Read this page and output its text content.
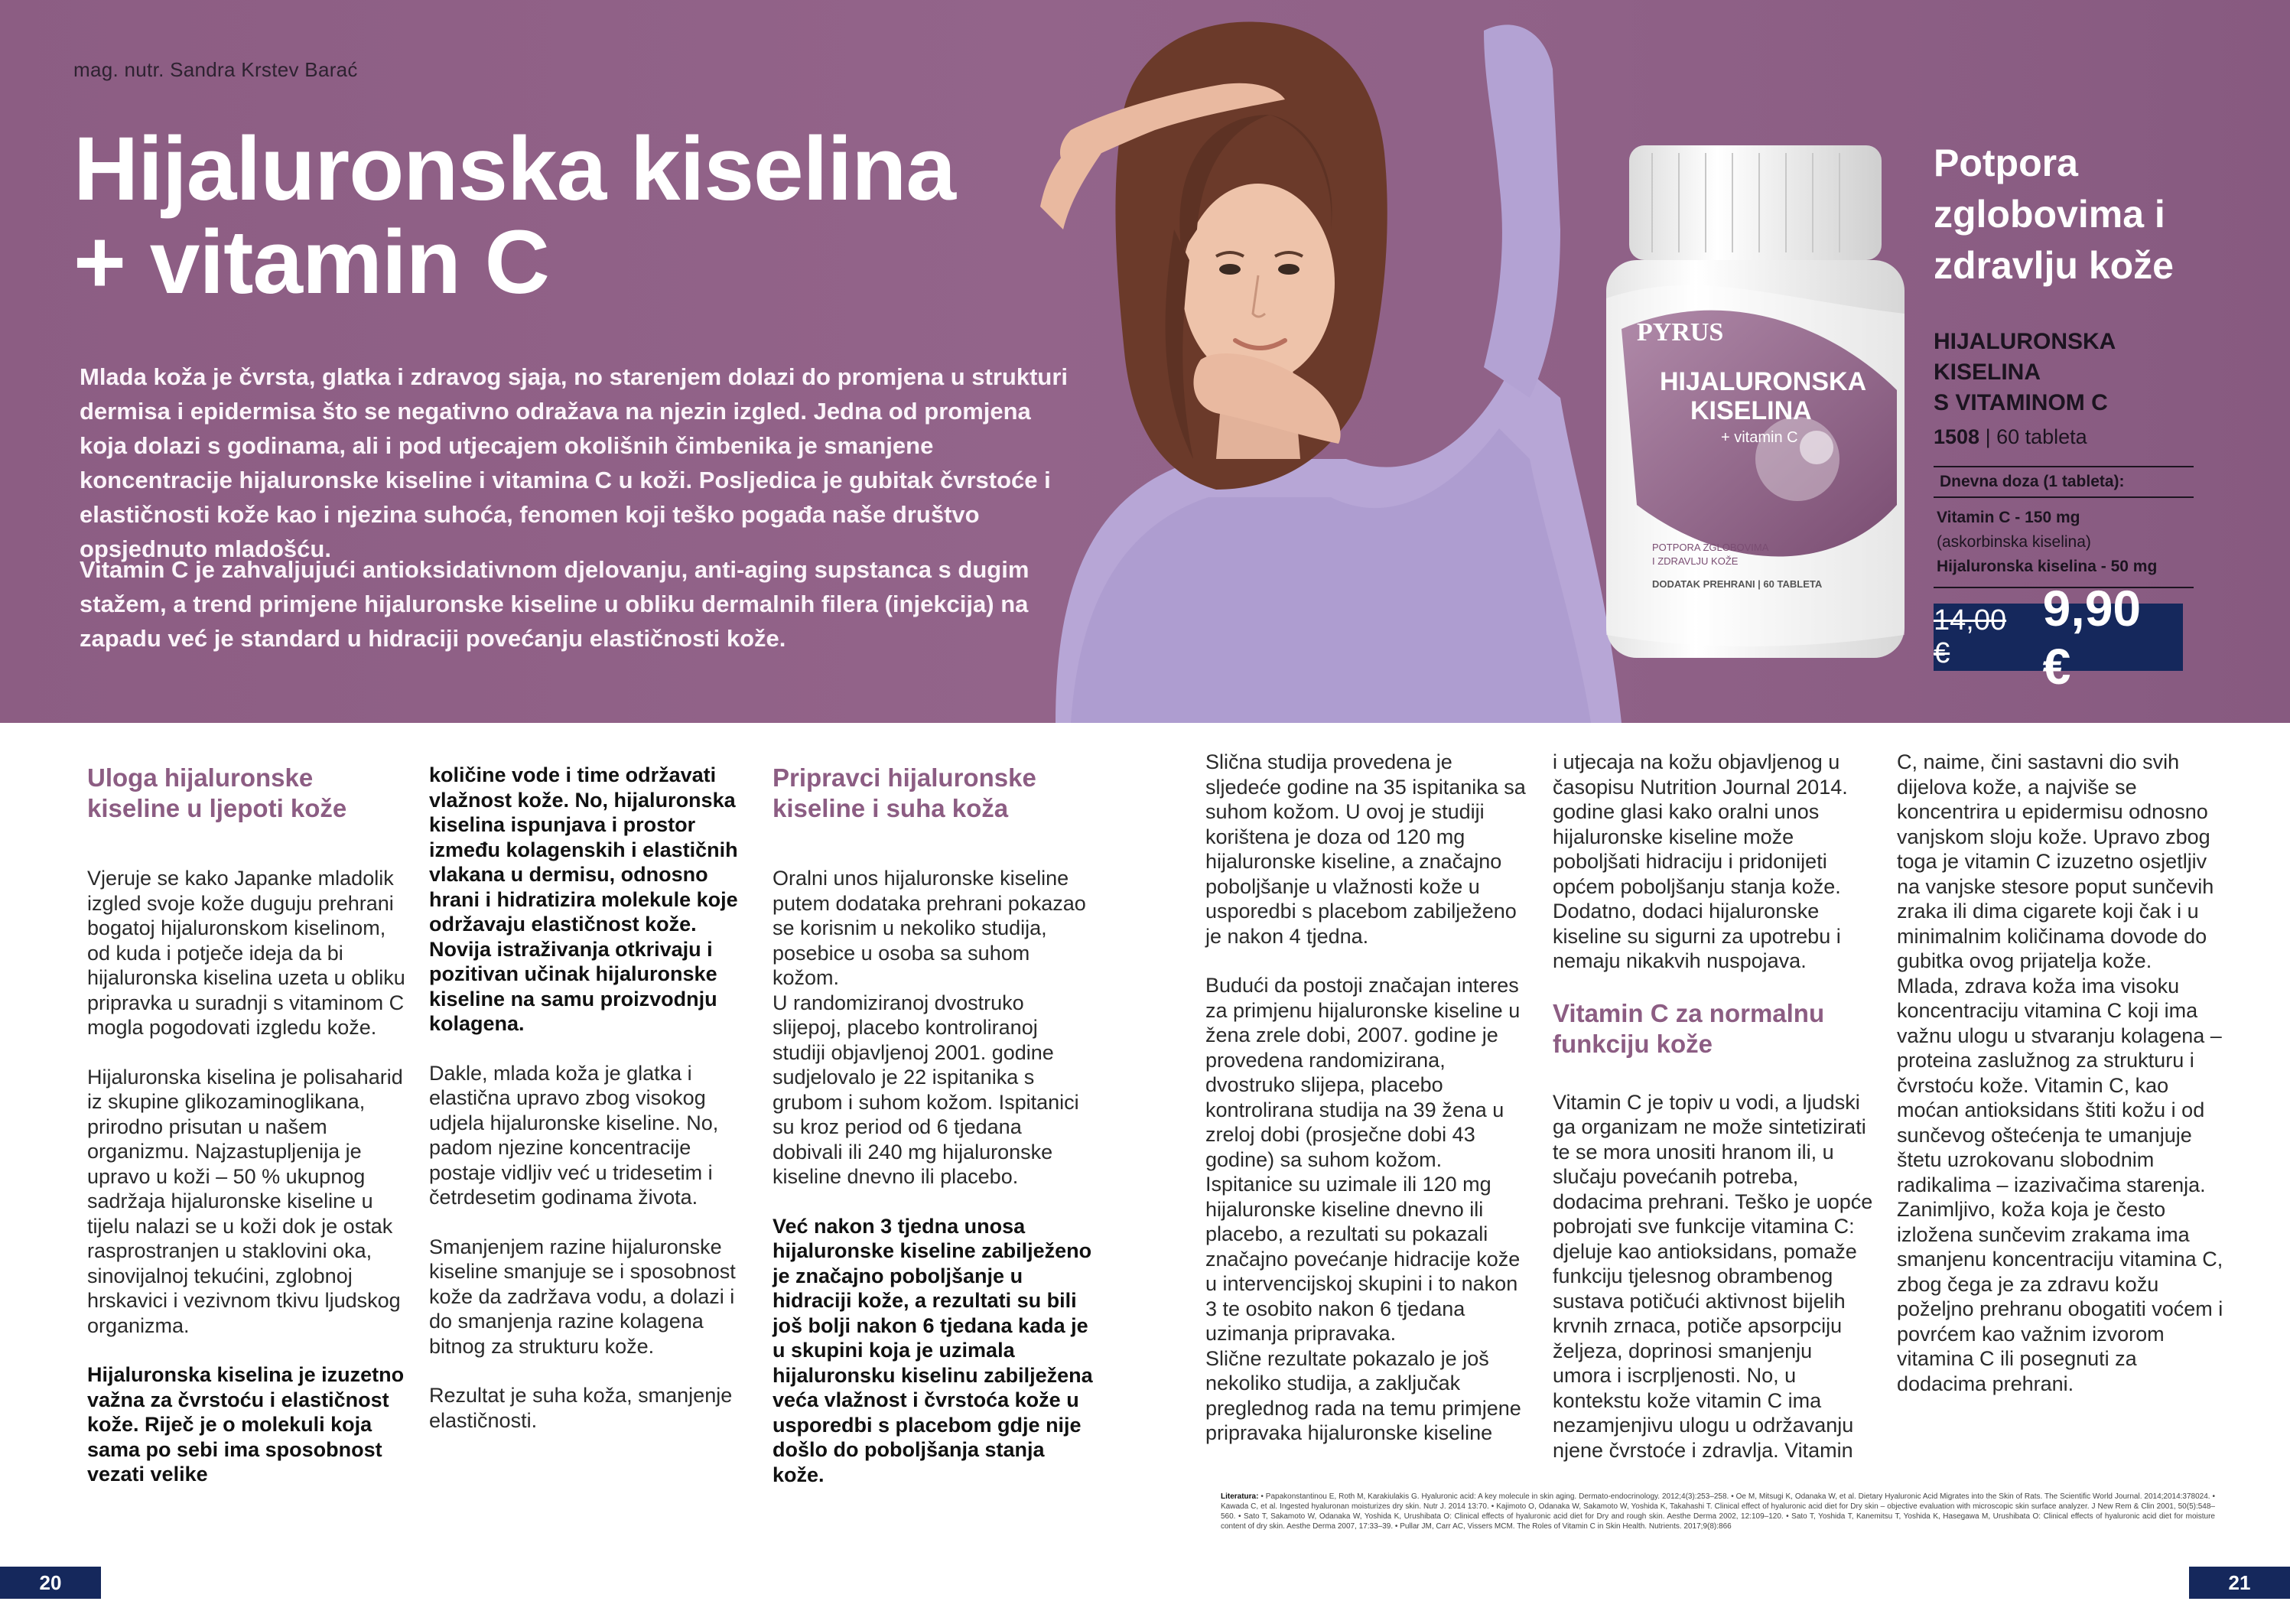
mag. nutr. Sandra Krstev Barać
Hijaluronska kiselina
+ vitamin C

Mlada koža je čvrsta, glatka i zdravog sjaja, no starenjem dolazi do promjena u strukturi dermisa i epidermisa što se negativno odražava na njezin izgled. Jedna od promjena koja dolazi s godinama, ali i pod utjecajem okolišnih čimbenika je smanjene koncentracije hijaluronske kiseline i vitamina C u koži. Posljedica je gubitak čvrstoće i elastičnosti kože kao i njezina suhoća, fenomen koji teško pogađa naše društvo opsjednuto mladošću.

Vitamin C je zahvaljujući antioksidativnom djelovanju, anti-aging supstanca s dugim stažem, a trend primjene hijaluronske kiseline u obliku dermalnih filera (injekcija) na zapadu već je standard u hidraciji povećanju elastičnosti kože.

PYRUS
HIJALURONSKA
KISELINA
+ vitamin C
POTPORA ZGLOBOVIMA
I ZDRAVLJU KOŽE
DODATAK PREHRANI | 60 TABLETA
Potpora
zglobovima i
zdravlju kože
HIJALURONSKA
KISELINA
S VITAMINOM C
1508 | 60 tableta
Dnevna doza (1 tableta):
Vitamin C - 150 mg
(askorbinska kiselina)
Hijaluronska kiselina - 50 mg
14,00 €
9,90 €
Uloga hijaluronske kiseline u ljepoti kože

Vjeruje se kako Japanke mladolik izgled svoje kože duguju prehrani bogatoj hijaluronskom kiselinom, od kuda i potječe ideja da bi hijaluronska kiselina uzeta u obliku pripravka u suradnji s vitaminom C mogla pogodovati izgledu kože.

Hijaluronska kiselina je polisaharid iz skupine glikozaminoglikana, prirodno prisutan u našem organizmu. Najzastupljenija je upravo u koži – 50 % ukupnog sadržaja hijaluronske kiseline u tijelu nalazi se u koži dok je ostak rasprostranjen u staklovini oka, sinovijalnoj tekućini, zglobnoj hrskavici i vezivnom tkivu ljudskog organizma.

Hijaluronska kiselina je izuzetno važna za čvrstoću i elastičnost kože. Riječ je o molekuli koja sama po sebi ima sposobnost vezati velike

količine vode i time održavati vlažnost kože. No, hijaluronska kiselina ispunjava i prostor između kolagenskih i elastičnih vlakana u dermisu, odnosno hrani i hidratizira molekule koje održavaju elastičnost kože. Novija istraživanja otkrivaju i pozitivan učinak hijaluronske kiseline na samu proizvodnju kolagena.

Dakle, mlada koža je glatka i elastična upravo zbog visokog udjela hijaluronske kiseline. No, padom njezine koncentracije postaje vidljiv već u tridesetim i četrdesetim godinama života.

Smanjenjem razine hijaluronske kiseline smanjuje se i sposobnost kože da zadržava vodu, a dolazi i do smanjenja razine kolagena bitnog za strukturu kože.

Rezultat je suha koža, smanjenje elastičnosti.

Pripravci hijaluronske kiseline i suha koža

Oralni unos hijaluronske kiseline putem dodataka prehrani pokazao se korisnim u nekoliko studija, posebice u osoba sa suhom kožom.

U randomiziranoj dvostruko slijepoj, placebo kontroliranoj studiji objavljenoj 2001. godine sudjelovalo je 22 ispitanika s grubom i suhom kožom. Ispitanici su kroz period od 6 tjedana dobivali ili 240 mg hijaluronske kiseline dnevno ili placebo.

Već nakon 3 tjedna unosa hijaluronske kiseline zabilježeno je značajno poboljšanje u hidraciji kože, a rezultati su bili još bolji nakon 6 tjedana kada je u skupini koja je uzimala hijaluronsku kiselinu zabilježena veća vlažnost i čvrstoća kože u usporedbi s placebom gdje nije došlo do poboljšanja stanja kože.

Slična studija provedena je sljedeće godine na 35 ispitanika sa suhom kožom. U ovoj je studiji korištena je doza od 120 mg hijaluronske kiseline, a značajno poboljšanje u vlažnosti kože u usporedbi s placebom zabilježeno je nakon 4 tjedna.

Budući da postoji značajan interes za primjenu hijaluronske kiseline u žena zrele dobi, 2007. godine je provedena randomizirana, dvostruko slijepa, placebo kontrolirana studija na 39 žena u zreloj dobi (prosječne dobi 43 godine) sa suhom kožom. Ispitanice su uzimale ili 120 mg hijaluronske kiseline dnevno ili placebo, a rezultati su pokazali značajno povećanje hidracije kože u intervencijskoj skupini i to nakon 3 te osobito nakon 6 tjedana uzimanja pripravaka.

Slične rezultate pokazalo je još nekoliko studija, a zaključak preglednog rada na temu primjene pripravaka hijaluronske kiseline

i utjecaja na kožu objavljenog u časopisu Nutrition Journal 2014. godine glasi kako oralni unos hijaluronske kiseline može poboljšati hidraciju i pridonijeti općem poboljšanju stanja kože. Dodatno, dodaci hijaluronske kiseline su sigurni za upotrebu i nemaju nikakvih nuspojava.

Vitamin C za normalnu funkciju kože

Vitamin C je topiv u vodi, a ljudski ga organizam ne može sintetizirati te se mora unositi hranom ili, u slučaju povećanih potreba, dodacima prehrani. Teško je uopće pobrojati sve funkcije vitamina C: djeluje kao antioksidans, pomaže funkciju tjelesnog obrambenog sustava potičući aktivnost bijelih krvnih zrnaca, potiče apsorpciju željeza, doprinosi smanjenju umora i iscrpljenosti. No, u kontekstu kože vitamin C ima nezamjenjivu ulogu u održavanju njene čvrstoće i zdravlja. Vitamin

C, naime, čini sastavni dio svih dijelova kože, a najviše se koncentrira u epidermisu odnosno vanjskom sloju kože. Upravo zbog toga je vitamin C izuzetno osjetljiv na vanjske stesore poput sunčevih zraka ili dima cigarete koji čak i u minimalnim količinama dovode do gubitka ovog prijatelja kože.

Mlada, zdrava koža ima visoku koncentraciju vitamina C koji ima važnu ulogu u stvaranju kolagena – proteina zaslužnog za strukturu i čvrstoću kože. Vitamin C, kao moćan antioksidans štiti kožu i od sunčevog oštećenja te umanjuje štetu uzrokovanu slobodnim radikalima – izazivačima starenja. Zanimljivo, koža koja je često izložena sunčevim zrakama ima smanjenu koncentraciju vitamina C, zbog čega je za zdravu kožu poželjno prehranu obogatiti voćem i povrćem kao važnim izvorom vitamina C ili posegnuti za dodacima prehrani.

Literatura: • Papakonstantinou E, Roth M, Karakiulakis G. Hyaluronic acid: A key molecule in skin aging. Dermato-endocrinology. 2012;4(3):253–258. • Oe M, Mitsugi K, Odanaka W, et al. Dietary Hyaluronic Acid Migrates into the Skin of Rats. The Scientific World Journal. 2014;2014:378024. • Kawada C, et al. Ingested hyaluronan moisturizes dry skin. Nutr J. 2014 13:70. • Kajimoto O, Odanaka W, Sakamoto W, Yoshida K, Takahashi T. Clinical effect of hyaluronic acid diet for Dry skin – objective evaluation with microscopic skin surface analyzer. J New Rem & Clin 2001, 50(5):548–560. • Sato T, Sakamoto W, Odanaka W, Yoshida K, Urushibata O: Clinical effects of hyaluronic acid diet for Dry and rough skin. Aesthe Derma 2002, 12:109–120. • Sato T, Yoshida T, Kanemitsu T, Yoshida K, Hasegawa M, Urushibata O: Clinical effects of hyaluronic acid diet for moisture content of dry skin. Aesthe Derma 2007, 17:33–39. • Pullar JM, Carr AC, Vissers MCM. The Roles of Vitamin C in Skin Health. Nutrients. 2017;9(8):866
20	21
